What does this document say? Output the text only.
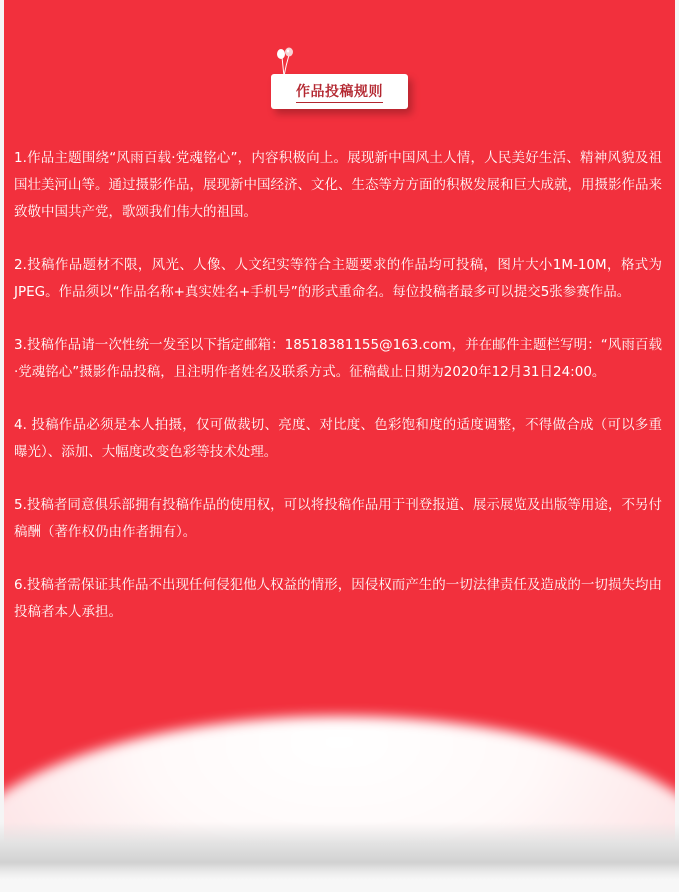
作品投稿规则

1.作品主题围绕“风雨百载·党魂铭心”，内容积极向上。展现新中国风土人情，人民美好生活、精神风貌及祖国壮美河山等。通过摄影作品，展现新中国经济、文化、生态等方方面的积极发展和巨大成就，用摄影作品来致敬中国共产党，歌颂我们伟大的祖国。

2.投稿作品题材不限，风光、人像、人文纪实等符合主题要求的作品均可投稿，图片大小1M-10M，格式为JPEG。作品须以“作品名称+真实姓名+手机号”的形式重命名。每位投稿者最多可以提交5张参赛作品。

3.投稿作品请一次性统一发至以下指定邮箱：18518381155@163.com，并在邮件主题栏写明：“风雨百载·党魂铭心”摄影作品投稿，且注明作者姓名及联系方式。征稿截止日期为2020年12月31日24:00。

4. 投稿作品必须是本人拍摄，仅可做裁切、亮度、对比度、色彩饱和度的适度调整，不得做合成（可以多重曝光）、添加、大幅度改变色彩等技术处理。

5.投稿者同意俱乐部拥有投稿作品的使用权，可以将投稿作品用于刊登报道、展示展览及出版等用途，不另付稿酬（著作权仍由作者拥有）。

6.投稿者需保证其作品不出现任何侵犯他人权益的情形，因侵权而产生的一切法律责任及造成的一切损失均由投稿者本人承担。
